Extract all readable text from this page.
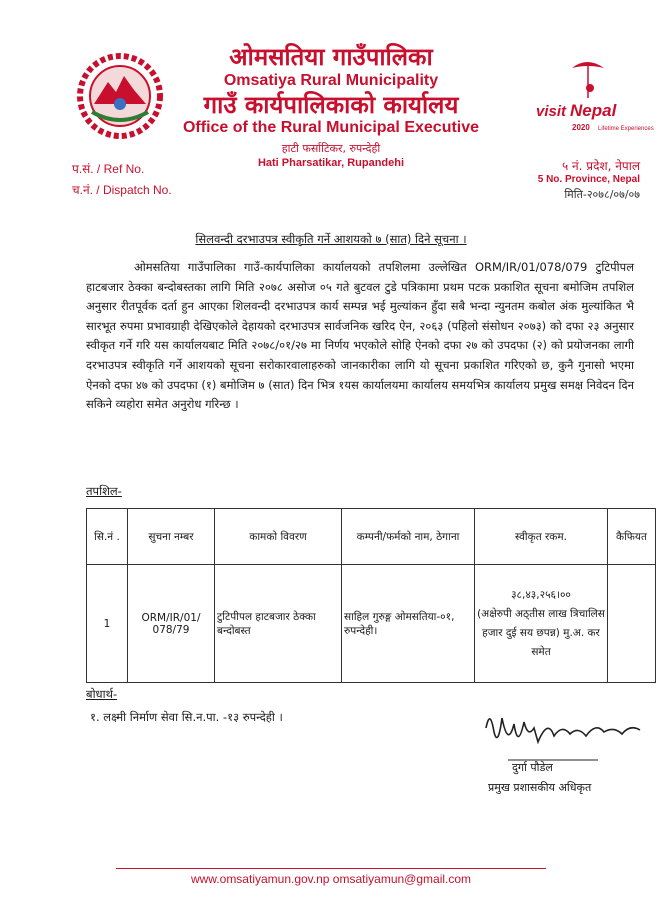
visit Nepal
2020 Lifetime Experiences
ओमसतिया गाउँपालिका
Omsatiya Rural Municipality
गाउँ कार्यपालिकाको कार्यालय
Office of the Rural Municipal Executive
हाटी फर्साटिकर, रुपन्देही
Hati Pharsatikar, Rupandehi
प.सं. / Ref No.
च.नं. / Dispatch No.
५ नं. प्रदेश, नेपाल
5 No. Province, Nepal
मिति-२०७८/०७/०७
सिलवन्दी दरभाउपत्र स्वीकृति गर्ने आशयको ७ (सात) दिने सूचना ।
ओमसतिया गाउँपालिका गाउँ-कार्यपालिका कार्यालयको तपशिलमा उल्लेखित ORM/IR/01/078/079 टुटिपीपल हाटबजार ठेक्का बन्दोबस्तका लागि मिति २०७८ असोज ०५ गते बुटवल टुडे पत्रिकामा प्रथम पटक प्रकाशित सूचना बमोजिम तपशिल अनुसार रीतपूर्वक दर्ता हुन आएका शिलवन्दी दरभाउपत्र कार्य सम्पन्न भई मुल्यांकन हुँदा सबै भन्दा न्युनतम कबोल अंक मुल्यांकित भै सारभूत रुपमा प्रभावग्राही देखिएकोले देहायको दरभाउपत्र सार्वजनिक खरिद ऐन, २०६३ (पहिलो संसोधन २०७३) को दफा २३ अनुसार स्वीकृत गर्ने गरि यस कार्यालयबाट मिति २०७८/०१/२७ मा निर्णय भएकोले सोहि ऐनको दफा २७ को उपदफा (२) को प्रयोजनका लागी दरभाउपत्र स्वीकृति गर्ने आशयको सूचना सरोकारवालाहरुको जानकारीका लागि यो सूचना प्रकाशित गरिएको छ, कुनै गुनासो भएमा ऐनको दफा ४७ को उपदफा (१) बमोजिम ७ (सात) दिन भित्र १यस कार्यालयमा कार्यालय समयभित्र कार्यालय प्रमुख समक्ष निवेदन दिन सकिने व्यहोरा समेत अनुरोध गरिन्छ ।
तपशिल-
सि.नं .	सुचना नम्बर	कामको विवरण	कम्पनी/फर्मको नाम, ठेगाना	स्वीकृत रकम.	कैफियत
1	ORM/IR/01/ 078/79	टुटिपीपल हाटबजार ठेक्का बन्दोबस्त	साहिल गुरुङ्ग ओमसतिया-०१, रुपन्देही।	३८,४३,२५६।००
(अक्षेरुपी अठ्तीस लाख त्रिचालिस हजार दुई सय छपन्न) मु.अ. कर समेत	

बोधार्थ-
१. लक्ष्मी निर्माण सेवा सि.न.पा. -१३ रुपन्देही ।
दुर्गा पौडेल
प्रमुख प्रशासकीय अधिकृत
www.omsatiyamun.gov.np omsatiyamun@gmail.com
